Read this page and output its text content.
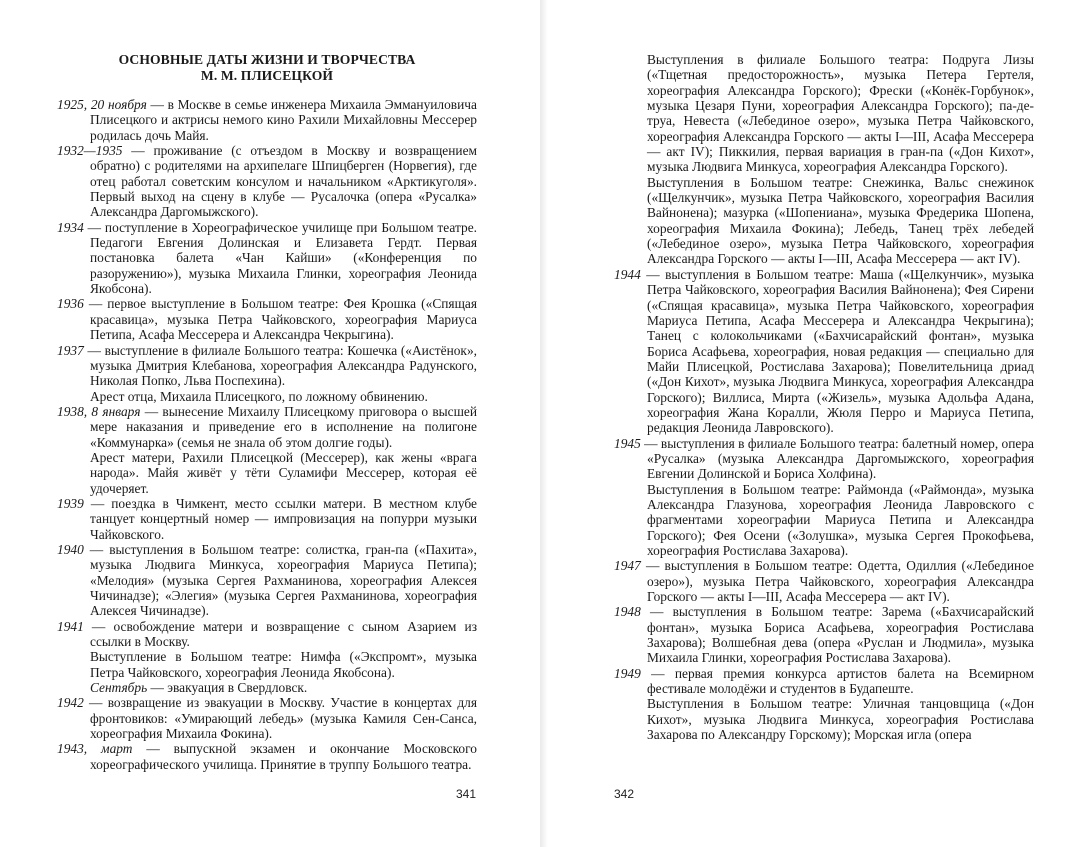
ОСНОВНЫЕ ДАТЫ ЖИЗНИ И ТВОРЧЕСТВА
М. М. ПЛИСЕЦКОЙ

1925, 20 ноября — в Москве в семье инженера Михаила Эммануиловича Плисецкого и актрисы немого кино Рахили Михайловны Мессерер родилась дочь Майя.

1932—1935 — проживание (с отъездом в Москву и возвращением обратно) с родителями на архипелаге Шпицберген (Норвегия), где отец работал советским консулом и начальником «Арктикуголя». Первый выход на сцену в клубе — Русалочка (опера «Русалка» Александра Даргомыжского).

1934 — поступление в Хореографическое училище при Большом театре. Педагоги Евгения Долинская и Елизавета Гердт. Первая постановка балета «Чан Кайши» («Конференция по разоружению»), музыка Михаила Глинки, хореография Леонида Якобсона).

1936 — первое выступление в Большом театре: Фея Крошка («Спящая красавица», музыка Петра Чайковского, хореография Мариуса Петипа, Асафа Мессерера и Александра Чекрыгина).

1937 — выступление в филиале Большого театра: Кошечка («Аистёнок», музыка Дмитрия Клебанова, хореография Александра Радунского, Николая Попко, Льва Поспехина).

Арест отца, Михаила Плисецкого, по ложному обвинению.

1938, 8 января — вынесение Михаилу Плисецкому приговора о высшей мере наказания и приведение его в исполнение на полигоне «Коммунарка» (семья не знала об этом долгие годы).

Арест матери, Рахили Плисецкой (Мессерер), как жены «врага народа». Майя живёт у тёти Суламифи Мессерер, которая её удочеряет.

1939 — поездка в Чимкент, место ссылки матери. В местном клубе танцует концертный номер — импровизация на попурри музыки Чайковского.

1940 — выступления в Большом театре: солистка, гран-па («Пахита», музыка Людвига Минкуса, хореография Мариуса Петипа); «Мелодия» (музыка Сергея Рахманинова, хореография Алексея Чичинадзе); «Элегия» (музыка Сергея Рахманинова, хореография Алексея Чичинадзе).

1941 — освобождение матери и возвращение с сыном Азарием из ссылки в Москву.

Выступление в Большом театре: Нимфа («Экспромт», музыка Петра Чайковского, хореография Леонида Якобсона).

Сентябрь — эвакуация в Свердловск.

1942 — возвращение из эвакуации в Москву. Участие в концертах для фронтовиков: «Умирающий лебедь» (музыка Камиля Сен-Санса, хореография Михаила Фокина).

1943, март — выпускной экзамен и окончание Московского хореографического училища. Принятие в труппу Большого театра.

341

Выступления в филиале Большого театра: Подруга Лизы («Тщетная предосторожность», музыка Петера Гертеля, хореография Александра Горского); Фрески («Конёк-Горбунок», музыка Цезаря Пуни, хореография Александра Горского); па-де-труа, Невеста («Лебединое озеро», музыка Петра Чайковского, хореография Александра Горского — акты I—III, Асафа Мессерера — акт IV); Пиккилия, первая вариация в гран-па («Дон Кихот», музыка Людвига Минкуса, хореография Александра Горского).

Выступления в Большом театре: Снежинка, Вальс снежинок («Щелкунчик», музыка Петра Чайковского, хореография Василия Вайнонена); мазурка («Шопениана», музыка Фредерика Шопена, хореография Михаила Фокина); Лебедь, Танец трёх лебедей («Лебединое озеро», музыка Петра Чайковского, хореография Александра Горского — акты I—III, Асафа Мессерера — акт IV).

1944 — выступления в Большом театре: Маша («Щелкунчик», музыка Петра Чайковского, хореография Василия Вайнонена); Фея Сирени («Спящая красавица», музыка Петра Чайковского, хореография Мариуса Петипа, Асафа Мессерера и Александра Чекрыгина); Танец с колокольчиками («Бахчисарайский фонтан», музыка Бориса Асафьева, хореография, новая редакция — специально для Майи Плисецкой, Ростислава Захарова); Повелительница дриад («Дон Кихот», музыка Людвига Минкуса, хореография Александра Горского); Виллиса, Мирта («Жизель», музыка Адольфа Адана, хореография Жана Коралли, Жюля Перро и Мариуса Петипа, редакция Леонида Лавровского).

1945 — выступления в филиале Большого театра: балетный номер, опера «Русалка» (музыка Александра Даргомыжского, хореография Евгении Долинской и Бориса Холфина).

Выступления в Большом театре: Раймонда («Раймонда», музыка Александра Глазунова, хореография Леонида Лавровского с фрагментами хореографии Мариуса Петипа и Александра Горского); Фея Осени («Золушка», музыка Сергея Прокофьева, хореография Ростислава Захарова).

1947 — выступления в Большом театре: Одетта, Одиллия («Лебединое озеро»), музыка Петра Чайковского, хореография Александра Горского — акты I—III, Асафа Мессерера — акт IV).

1948 — выступления в Большом театре: Зарема («Бахчисарайский фонтан», музыка Бориса Асафьева, хореография Ростислава Захарова); Волшебная дева (опера «Руслан и Людмила», музыка Михаила Глинки, хореография Ростислава Захарова).

1949 — первая премия конкурса артистов балета на Всемирном фестивале молодёжи и студентов в Будапеште.

Выступления в Большом театре: Уличная танцовщица («Дон Кихот», музыка Людвига Минкуса, хореография Ростислава Захарова по Александру Горскому); Морская игла (опера

342
